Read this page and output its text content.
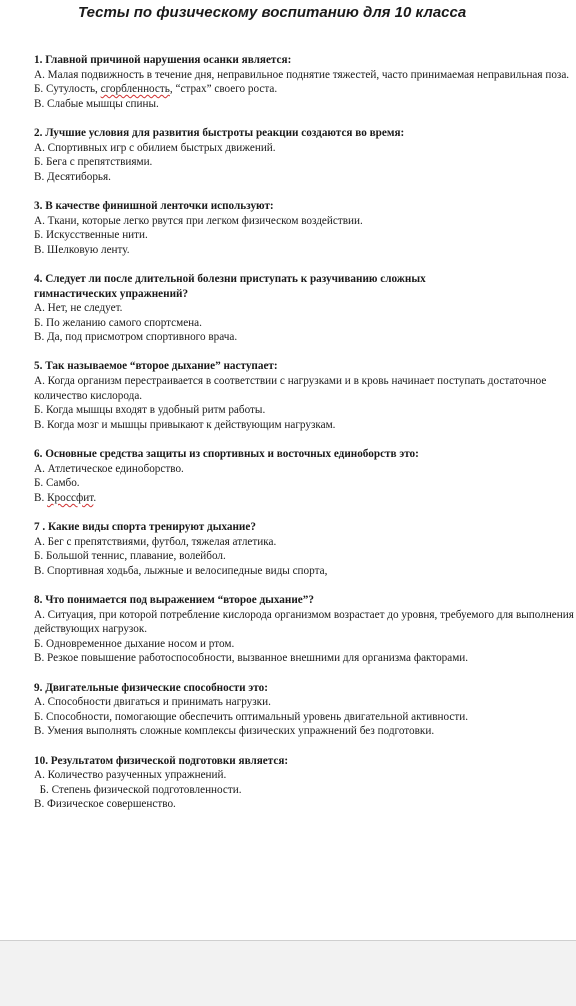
Тесты по физическому воспитанию для 10 класса
1. Главной причиной нарушения осанки является:
А. Малая подвижность в течение дня, неправильное поднятие тяжестей, часто принимаемая неправильная поза.
Б. Сутулость, сгорбленность, “страх” своего роста.
В. Слабые мышцы спины.
2. Лучшие условия для развития быстроты реакции создаются во время:
А. Спортивных игр с обилием быстрых движений.
Б. Бега с препятствиями.
В. Десятиборья.
3. В качестве финишной ленточки используют:
А. Ткани, которые легко рвутся при легком физическом воздействии.
Б. Искусственные нити.
В. Шелковую ленту.
4. Следует ли после длительной болезни приступать к разучиванию сложных гимнастических упражнений?
А. Нет, не следует.
Б. По желанию самого спортсмена.
В. Да, под присмотром спортивного врача.
5. Так называемое “второе дыхание” наступает:
А. Когда организм перестраивается в соответствии с нагрузками и в кровь начинает поступать достаточное количество кислорода.
Б. Когда мышцы входят в удобный ритм работы.
В. Когда мозг и мышцы привыкают к действующим нагрузкам.
6. Основные средства защиты из спортивных и восточных единоборств это:
А. Атлетическое единоборство.
Б. Самбо.
В. Кроссфит.
7 . Какие виды спорта тренируют дыхание?
А. Бег с препятствиями, футбол, тяжелая атлетика.
Б. Большой теннис, плавание, волейбол.
В. Спортивная ходьба, лыжные и велосипедные виды спорта,
8. Что понимается под выражением “второе дыхание”?
А. Ситуация, при которой потребление кислорода организмом возрастает до уровня, требуемого для выполнения действующих нагрузок.
Б. Одновременное дыхание носом и ртом.
В. Резкое повышение работоспособности, вызванное внешними для организма факторами.
9. Двигательные физические способности это:
А. Способности двигаться и принимать нагрузки.
Б. Способности, помогающие обеспечить оптимальный уровень двигательной активности.
В. Умения выполнять сложные комплексы физических упражнений без подготовки.
10. Результатом физической подготовки является:
А. Количество разученных упражнений.
Б. Степень физической подготовленности.
В. Физическое совершенство.
